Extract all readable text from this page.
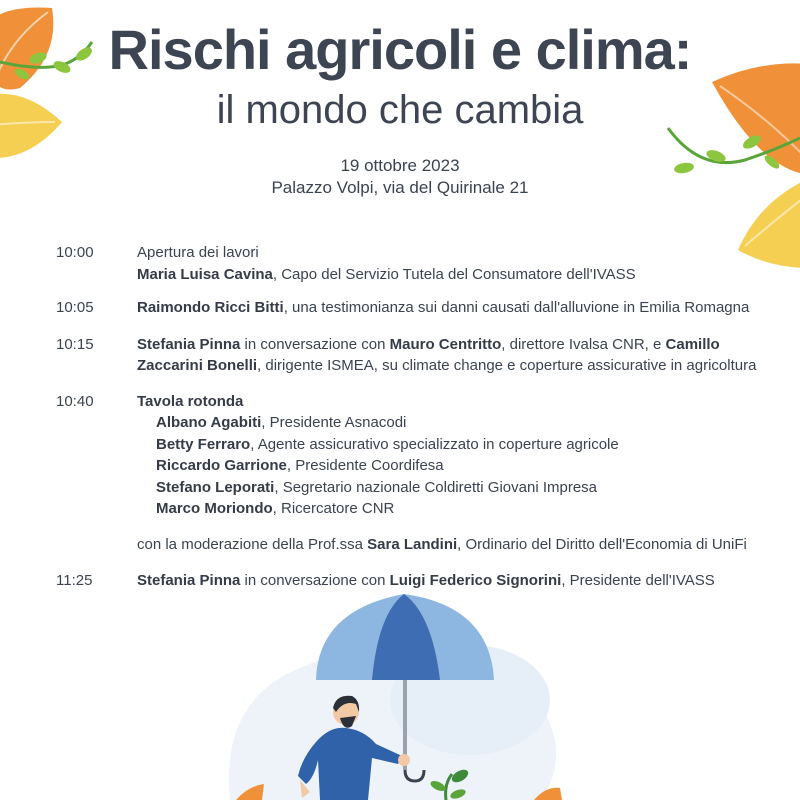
Rischi agricoli e clima:
il mondo che cambia
19 ottobre 2023
Palazzo Volpi, via del Quirinale 21
10:00	Apertura dei lavori
Maria Luisa Cavina, Capo del Servizio Tutela del Consumatore dell'IVASS
10:05	Raimondo Ricci Bitti, una testimonianza sui danni causati dall'alluvione in Emilia Romagna
10:15	Stefania Pinna in conversazione con Mauro Centritto, direttore Ivalsa CNR, e Camillo Zaccarini Bonelli, dirigente ISMEA, su climate change e coperture assicurative in agricoltura
10:40	Tavola rotonda
Albano Agabiti, Presidente Asnacodi
Betty Ferraro, Agente assicurativo specializzato in coperture agricole
Riccardo Garrione, Presidente Coordifesa
Stefano Leporati, Segretario nazionale Coldiretti Giovani Impresa
Marco Moriondo, Ricercatore CNR
con la moderazione della Prof.ssa Sara Landini, Ordinario del Diritto dell'Economia di UniFi
11:25	Stefania Pinna in conversazione con Luigi Federico Signorini, Presidente dell'IVASS
